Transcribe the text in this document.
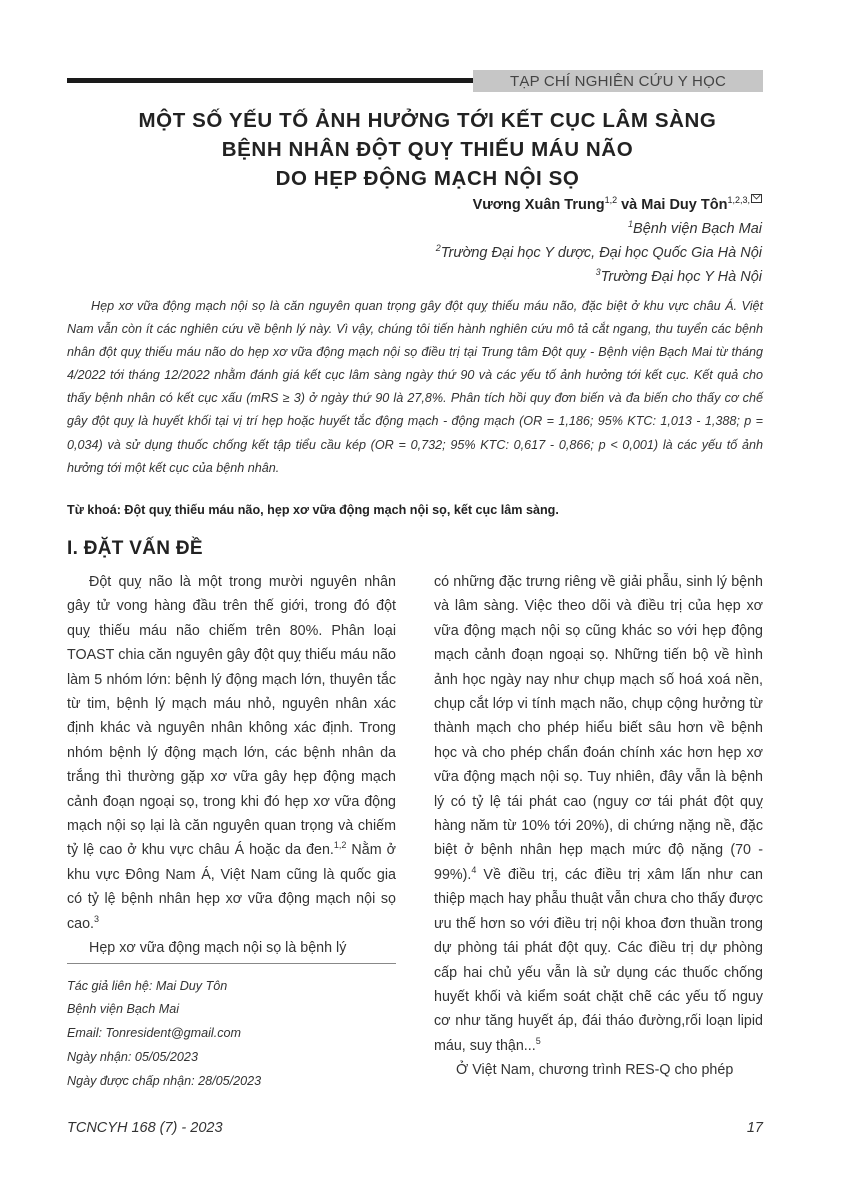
TẠP CHÍ NGHIÊN CỨU Y HỌC
MỘT SỐ YẾU TỐ ẢNH HƯỞNG TỚI KẾT CỤC LÂM SÀNG
BỆNH NHÂN ĐỘT QUỴ THIẾU MÁU NÃO
DO HẸP ĐỘNG MẠCH NỘI SỌ
Vương Xuân Trung$^{1,2}$ và Mai Duy Tôn$^{1,2,3,}$
$^1$Bệnh viện Bạch Mai
$^2$Trường Đại học Y dược, Đại học Quốc Gia Hà Nội
$^3$Trường Đại học Y Hà Nội
Hẹp xơ vữa động mạch nội sọ là căn nguyên quan trọng gây đột quỵ thiếu máu não, đặc biệt ở khu vực châu Á. Việt Nam vẫn còn ít các nghiên cứu về bệnh lý này. Vì vậy, chúng tôi tiến hành nghiên cứu mô tả cắt ngang, thu tuyển các bệnh nhân đột quỵ thiếu máu não do hẹp xơ vữa động mạch nội sọ điều trị tại Trung tâm Đột quỵ - Bệnh viện Bạch Mai từ tháng 4/2022 tới tháng 12/2022 nhằm đánh giá kết cục lâm sàng ngày thứ 90 và các yếu tố ảnh hưởng tới kết cục. Kết quả cho thấy bệnh nhân có kết cục xấu (mRS ≥ 3) ở ngày thứ 90 là 27,8%. Phân tích hồi quy đơn biến và đa biến cho thấy cơ chế gây đột quỵ là huyết khối tại vị trí hẹp hoặc huyết tắc động mạch - động mạch (OR = 1,186; 95% KTC: 1,013 - 1,388; p = 0,034) và sử dụng thuốc chống kết tập tiểu cầu kép (OR = 0,732; 95% KTC: 0,617 - 0,866; p < 0,001) là các yếu tố ảnh hưởng tới một kết cục của bệnh nhân.
Từ khoá: Đột quỵ thiếu máu não, hẹp xơ vữa động mạch nội sọ, kết cục lâm sàng.
I. ĐẶT VẤN ĐỀ

Đột quỵ não là một trong mười nguyên nhân gây tử vong hàng đầu trên thế giới, trong đó đột quỵ thiếu máu não chiếm trên 80%. Phân loại TOAST chia căn nguyên gây đột quỵ thiếu máu não làm 5 nhóm lớn: bệnh lý động mạch lớn, thuyên tắc từ tim, bệnh lý mạch máu nhỏ, nguyên nhân xác định khác và nguyên nhân không xác định. Trong nhóm bệnh lý động mạch lớn, các bệnh nhân da trắng thì thường gặp xơ vữa gây hẹp động mạch cảnh đoạn ngoại sọ, trong khi đó hẹp xơ vữa động mạch nội sọ lại là căn nguyên quan trọng và chiếm tỷ lệ cao ở khu vực châu Á hoặc da đen.$^{1,2}$ Nằm ở khu vực Đông Nam Á, Việt Nam cũng là quốc gia có tỷ lệ bệnh nhân hẹp xơ vữa động mạch nội sọ cao.$^3$

Hẹp xơ vữa động mạch nội sọ là bệnh lý

có những đặc trưng riêng về giải phẫu, sinh lý bệnh và lâm sàng. Việc theo dõi và điều trị của hẹp xơ vữa động mạch nội sọ cũng khác so với hẹp động mạch cảnh đoạn ngoại sọ. Những tiến bộ về hình ảnh học ngày nay như chụp mạch số hoá xoá nền, chụp cắt lớp vi tính mạch não, chụp cộng hưởng từ thành mạch cho phép hiểu biết sâu hơn về bệnh học và cho phép chẩn đoán chính xác hơn hẹp xơ vữa động mạch nội sọ. Tuy nhiên, đây vẫn là bệnh lý có tỷ lệ tái phát cao (nguy cơ tái phát đột quỵ hàng năm từ 10% tới 20%), di chứng nặng nề, đặc biệt ở bệnh nhân hẹp mạch mức độ nặng (70 - 99%).$^4$ Về điều trị, các điều trị xâm lấn như can thiệp mạch hay phẫu thuật vẫn chưa cho thấy được ưu thế hơn so với điều trị nội khoa đơn thuần trong dự phòng tái phát đột quỵ. Các điều trị dự phòng cấp hai chủ yếu vẫn là sử dụng các thuốc chống huyết khối và kiểm soát chặt chẽ các yếu tố nguy cơ như tăng huyết áp, đái tháo đường,rối loạn lipid máu, suy thận...$^5$

Ở Việt Nam, chương trình RES-Q cho phép

Tác giả liên hệ: Mai Duy Tôn
Bệnh viện Bạch Mai
Email: Tonresident@gmail.com
Ngày nhận: 05/05/2023
Ngày được chấp nhận: 28/05/2023
TCNCYH 168 (7) - 2023	17
